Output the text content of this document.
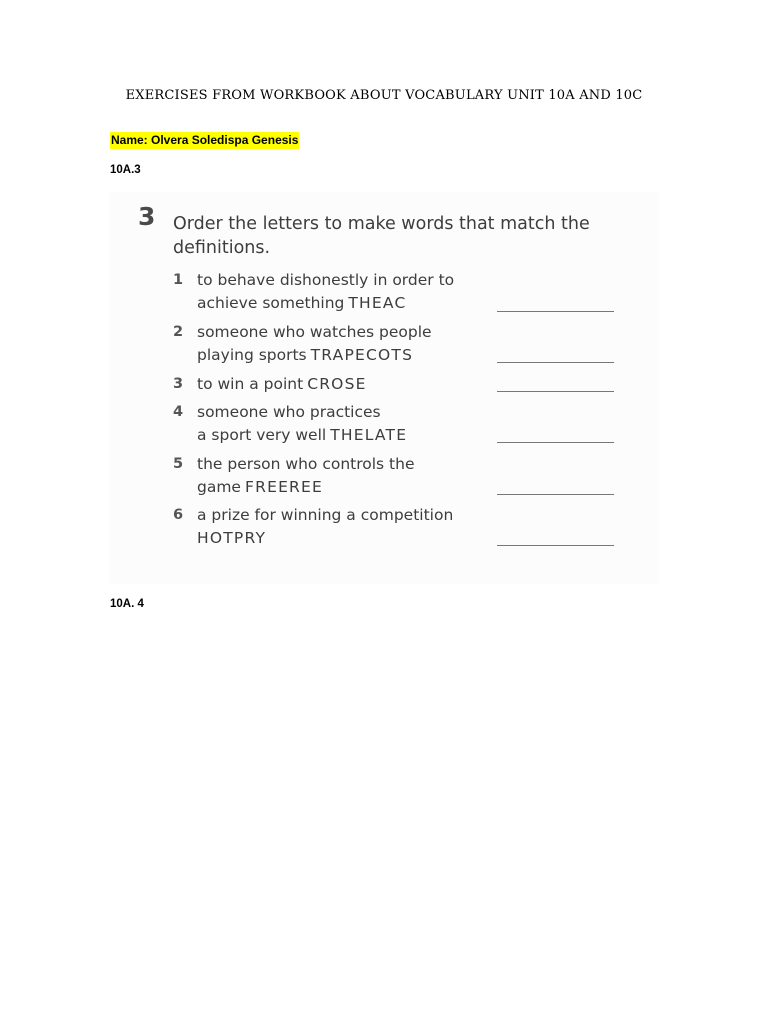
EXERCISES FROM WORKBOOK ABOUT VOCABULARY UNIT 10A AND 10C
Name: Olvera Soledispa Genesis
10A.3
3 Order the letters to make words that match the definitions.
1 to behave dishonestly in order to
achieve something THEAC
2 someone who watches people
playing sports TRAPECOTS
3 to win a point CROSE
4 someone who practices
a sport very well THELATE
5 the person who controls the
game FREEREE
6 a prize for winning a competition
HOTPRY
10A. 4
